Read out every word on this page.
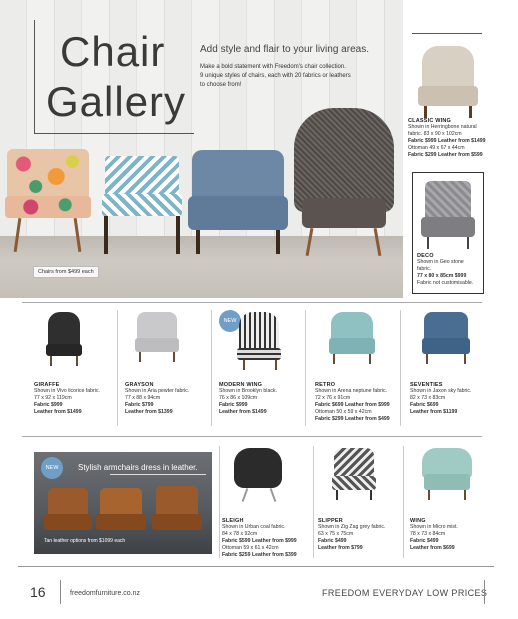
Chair
Gallery
Add style and flair to your living areas.
Make a bold statement with Freedom's chair collection.
9 unique styles of chairs, each with 20 fabrics or leathers
to choose from!
Chairs from $499 each
CLASSIC WING
Shown in Herringbone natural
fabric. 83 x 90 x 102cm
Fabric $999 Leather from $1499
Ottoman 49 x 67 x 44cm
Fabric $299 Leather from $599
DECO
Shown in Geo stone fabric.
77 x 80 x 85cm $999
Fabric not customisable.
GIRAFFE
Shown in Vivo licorice fabric.
77 x 92 x 119cm
Fabric $999
Leather from $1499
GRAYSON
Shown in Aria pewter fabric.
77 x 88 x 94cm
Fabric $799
Leather from $1399
NEW
MODERN WING
Shown in Brooklyn black.
76 x 86 x 109cm
Fabric $999
Leather from $1499
RETRO
Shown in Arena neptune fabric.
72 x 76 x 91cm
Fabric $699 Leather from $999
Ottoman 50 x 59 x 42cm
Fabric $299 Leather from $499
SEVENTIES
Shown in Jaxon sky fabric.
82 x 73 x 83cm
Fabric $699
Leather from $1199
NEW	Stylish armchairs dress in leather.
Tan leather options from $1099 each
SLEIGH
Shown in Urban coal fabric.
84 x 78 x 92cm
Fabric $599 Leather from $999
Ottoman 59 x 61 x 42cm
Fabric $259 Leather from $399
SLIPPER
Shown in Zig Zag grey fabric.
63 x 75 x 75cm
Fabric $499
Leather from $799
WING
Shown in Micro mist.
78 x 73 x 84cm
Fabric $499
Leather from $699
16	freedomfurniture.co.nz	FREEDOM EVERYDAY LOW PRICES
